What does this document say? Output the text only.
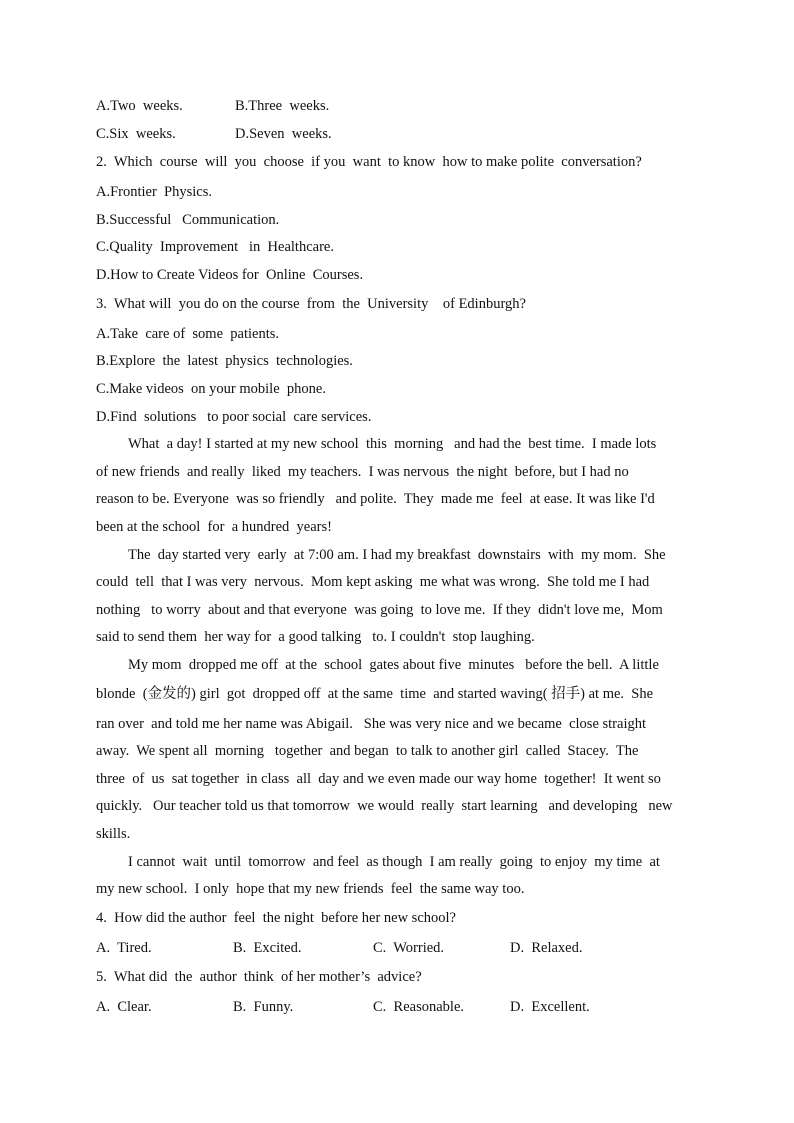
A.Two  weeks.	B.Three  weeks.
C.Six  weeks.	D.Seven  weeks.
2.  Which  course  will  you  choose  if you  want  to know  how to make polite  conversation?
A.Frontier  Physics.
B.Successful   Communication.
C.Quality  Improvement   in  Healthcare.
D.How to Create Videos for  Online  Courses.
3.  What will  you do on the course  from  the  University    of Edinburgh?
A.Take  care of  some  patients.
B.Explore  the  latest  physics  technologies.
C.Make videos  on your mobile  phone.
D.Find  solutions   to poor social  care services.
What  a day! I started at my new school  this  morning   and had the  best time.  I made lots
of new friends  and really  liked  my teachers.  I was nervous  the night  before, but I had no
reason to be. Everyone  was so friendly   and polite.  They  made me  feel  at ease. It was like I'd
been at the school  for  a hundred  years!
The  day started very  early  at 7:00 am. I had my breakfast  downstairs  with  my mom.  She
could  tell  that I was very  nervous.  Mom kept asking  me what was wrong.  She told me I had
nothing   to worry  about and that everyone  was going  to love me.  If they  didn't love me,  Mom
said to send them  her way for  a good talking   to. I couldn't  stop laughing.
My mom  dropped me off  at the  school  gates about five  minutes   before the bell.  A little
blonde  (金发的) girl  got  dropped off  at the same  time  and started waving( 招手) at me.  She
ran over  and told me her name was Abigail.   She was very nice and we became  close straight
away.  We spent all  morning   together  and began  to talk to another girl  called  Stacey.  The
three  of  us  sat together  in class  all  day and we even made our way home  together!  It went so
quickly.   Our teacher told us that tomorrow  we would  really  start learning   and developing   new
skills.
I cannot  wait  until  tomorrow  and feel  as though  I am really  going  to enjoy  my time  at
my new school.  I only  hope that my new friends  feel  the same way too.
4.  How did the author  feel  the night  before her new school?
A.  Tired.	B.  Excited.	C.  Worried.	D.  Relaxed.
5.  What did  the  author  think  of her mother’s  advice?
A.  Clear.	B.  Funny.	C.  Reasonable.	D.  Excellent.
